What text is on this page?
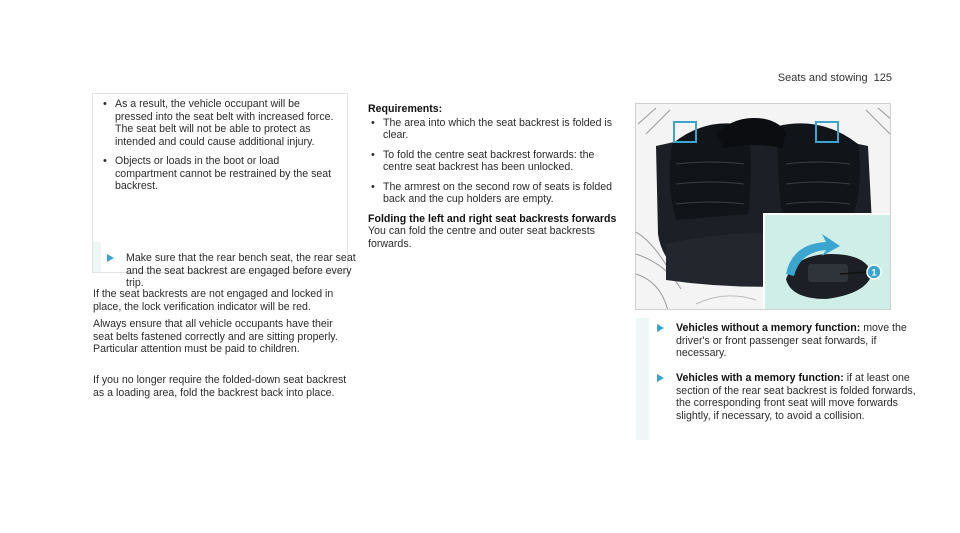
Seats and stowing 125
• As a result, the vehicle occupant will be pressed into the seat belt with increased force. The seat belt will not be able to protect as intended and could cause additional injury.
• Objects or loads in the boot or load compartment cannot be restrained by the seat backrest.
Make sure that the rear bench seat, the rear seat and the seat backrest are engaged before every trip.
If the seat backrests are not engaged and locked in place, the lock verification indicator will be red.
Always ensure that all vehicle occupants have their seat belts fastened correctly and are sitting properly. Particular attention must be paid to children.
If you no longer require the folded-down seat backrest as a loading area, fold the backrest back into place.
Requirements:
• The area into which the seat backrest is folded is clear.
• To fold the centre seat backrest forwards: the centre seat backrest has been unlocked.
• The armrest on the second row of seats is folded back and the cup holders are empty.
Folding the left and right seat backrests forwards
You can fold the centre and outer seat backrests forwards.
1
Vehicles without a memory function: move the driver's or front passenger seat forwards, if necessary.
Vehicles with a memory function: if at least one section of the rear seat backrest is folded forwards, the corresponding front seat will move forwards slightly, if necessary, to avoid a collision.
